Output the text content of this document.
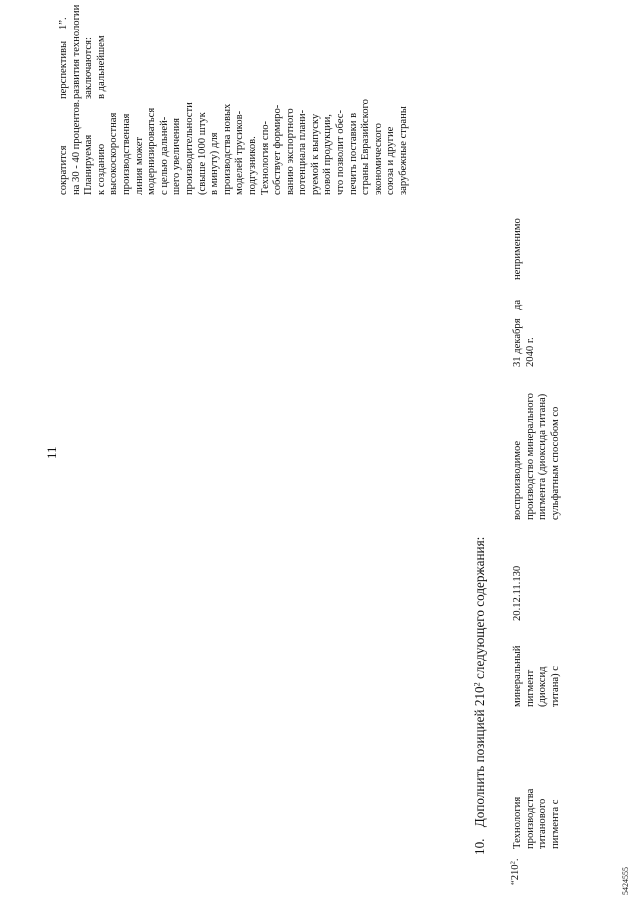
11
10. Дополнить позицией $210^2$ следующего содержания:
“$210^2$.
Технология производства титанового пигмента с
минеральный пигмент (диоксид титана) с
20.12.11.130
воспроизводимое производство минерального пигмента (диоксида титана) сульфатным способом со
31 декабря 2040 г.
да
неприменимо
сократится на 30 - 40 процентов. Планируемая к созданию высокоскоростная производственная линия может модернизироваться с целью дальней- шего увеличения производительности (свыше 1000 штук в минуту) для производства новых моделей трусиков- подгузников. Технология спо- собствует формиро- ванию экспортного потенциала плани- руемой к выпуску новой продукции, что позволит обес- печить поставки в страны Евразийского экономического союза и другие зарубежные страны
перспективы развития технологии заключаются: в дальнейшем
1”.
5424555
